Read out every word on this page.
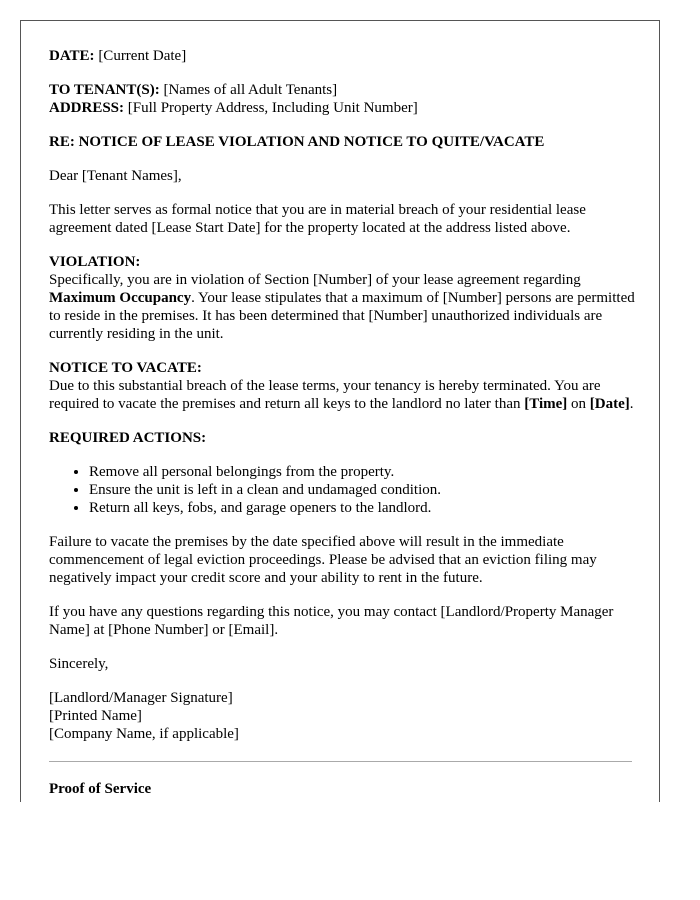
DATE: [Current Date]

TO TENANT(S): [Names of all Adult Tenants]

ADDRESS: [Full Property Address, Including Unit Number]

RE: NOTICE OF LEASE VIOLATION AND NOTICE TO QUITE/VACATE

Dear [Tenant Names],

This letter serves as formal notice that you are in material breach of your residential lease agreement dated [Lease Start Date] for the property located at the address listed above.

VIOLATION:
Specifically, you are in violation of Section [Number] of your lease agreement regarding Maximum Occupancy. Your lease stipulates that a maximum of [Number] persons are permitted to reside in the premises. It has been determined that [Number] unauthorized individuals are currently residing in the unit.

NOTICE TO VACATE:
Due to this substantial breach of the lease terms, your tenancy is hereby terminated. You are required to vacate the premises and return all keys to the landlord no later than [Time] on [Date].

REQUIRED ACTIONS:

• Remove all personal belongings from the property.
• Ensure the unit is left in a clean and undamaged condition.
• Return all keys, fobs, and garage openers to the landlord.

Failure to vacate the premises by the date specified above will result in the immediate commencement of legal eviction proceedings. Please be advised that an eviction filing may negatively impact your credit score and your ability to rent in the future.

If you have any questions regarding this notice, you may contact [Landlord/Property Manager Name] at [Phone Number] or [Email].

Sincerely,

[Landlord/Manager Signature]

[Printed Name]

[Company Name, if applicable]

Proof of Service
